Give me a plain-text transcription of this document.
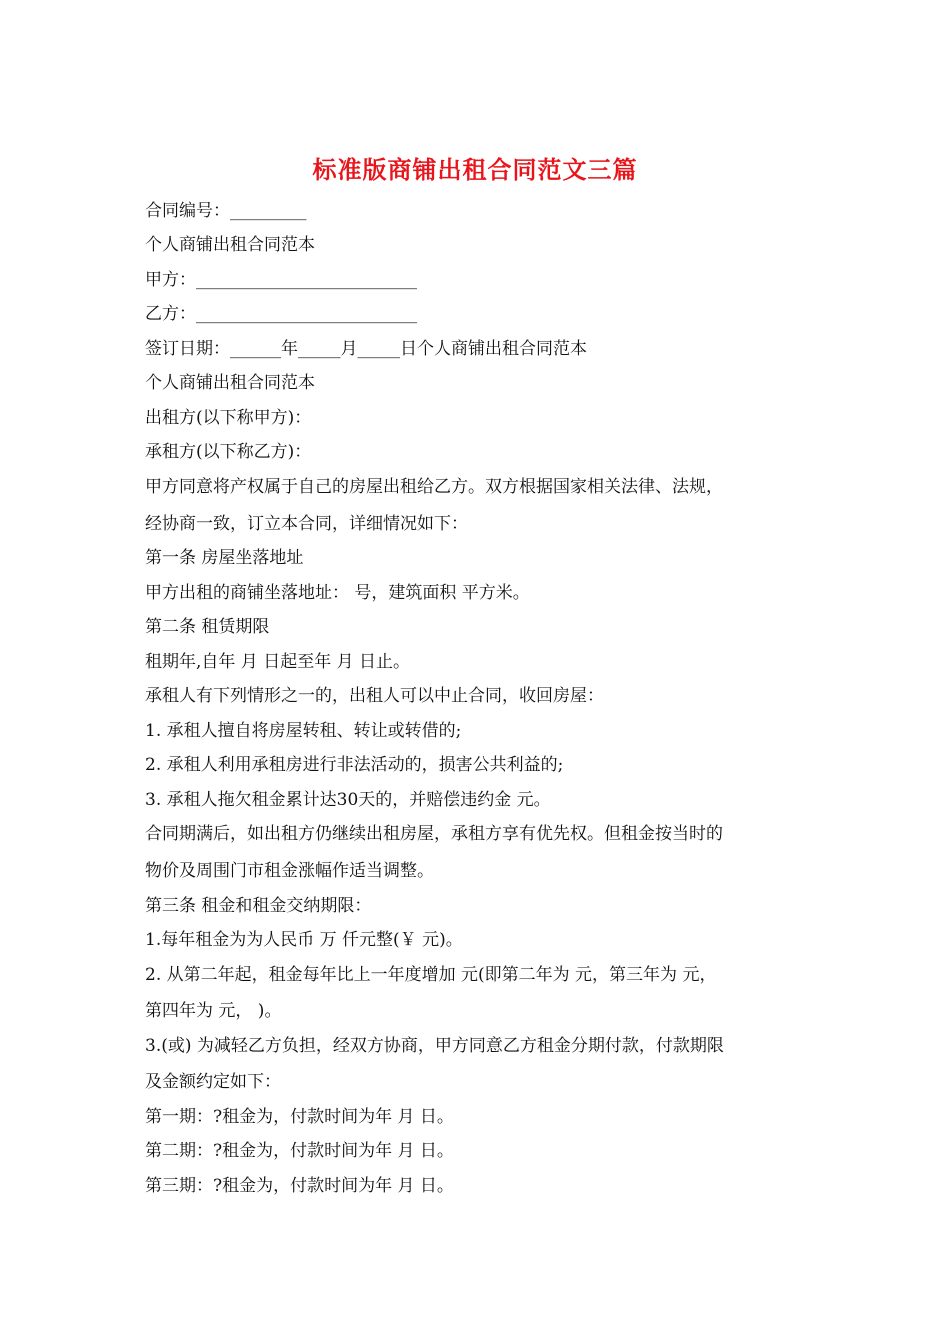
标准版商铺出租合同范文三篇
合同编号：_________
个人商铺出租合同范本
甲方：__________________________
乙方：__________________________
签订日期：______年_____月_____日个人商铺出租合同范本
个人商铺出租合同范本
出租方(以下称甲方)：
承租方(以下称乙方)：
甲方同意将产权属于自己的房屋出租给乙方。双方根据国家相关法律、法规，
经协商一致，订立本合同，详细情况如下：
第一条 房屋坐落地址
甲方出租的商铺坐落地址： 号，建筑面积 平方米。
第二条 租赁期限
租期年,自年 月 日起至年 月 日止。
承租人有下列情形之一的，出租人可以中止合同，收回房屋：
1. 承租人擅自将房屋转租、转让或转借的;
2. 承租人利用承租房进行非法活动的，损害公共利益的;
3. 承租人拖欠租金累计达30天的，并赔偿违约金 元。
合同期满后，如出租方仍继续出租房屋，承租方享有优先权。但租金按当时的
物价及周围门市租金涨幅作适当调整。
第三条 租金和租金交纳期限：
1.每年租金为为人民币 万 仟元整(￥ 元)。
2. 从第二年起，租金每年比上一年度增加 元(即第二年为 元，第三年为 元，
第四年为 元， )。
3.(或) 为减轻乙方负担，经双方协商，甲方同意乙方租金分期付款，付款期限
及金额约定如下：
第一期：?租金为，付款时间为年 月 日。
第二期：?租金为，付款时间为年 月 日。
第三期：?租金为，付款时间为年 月 日。
